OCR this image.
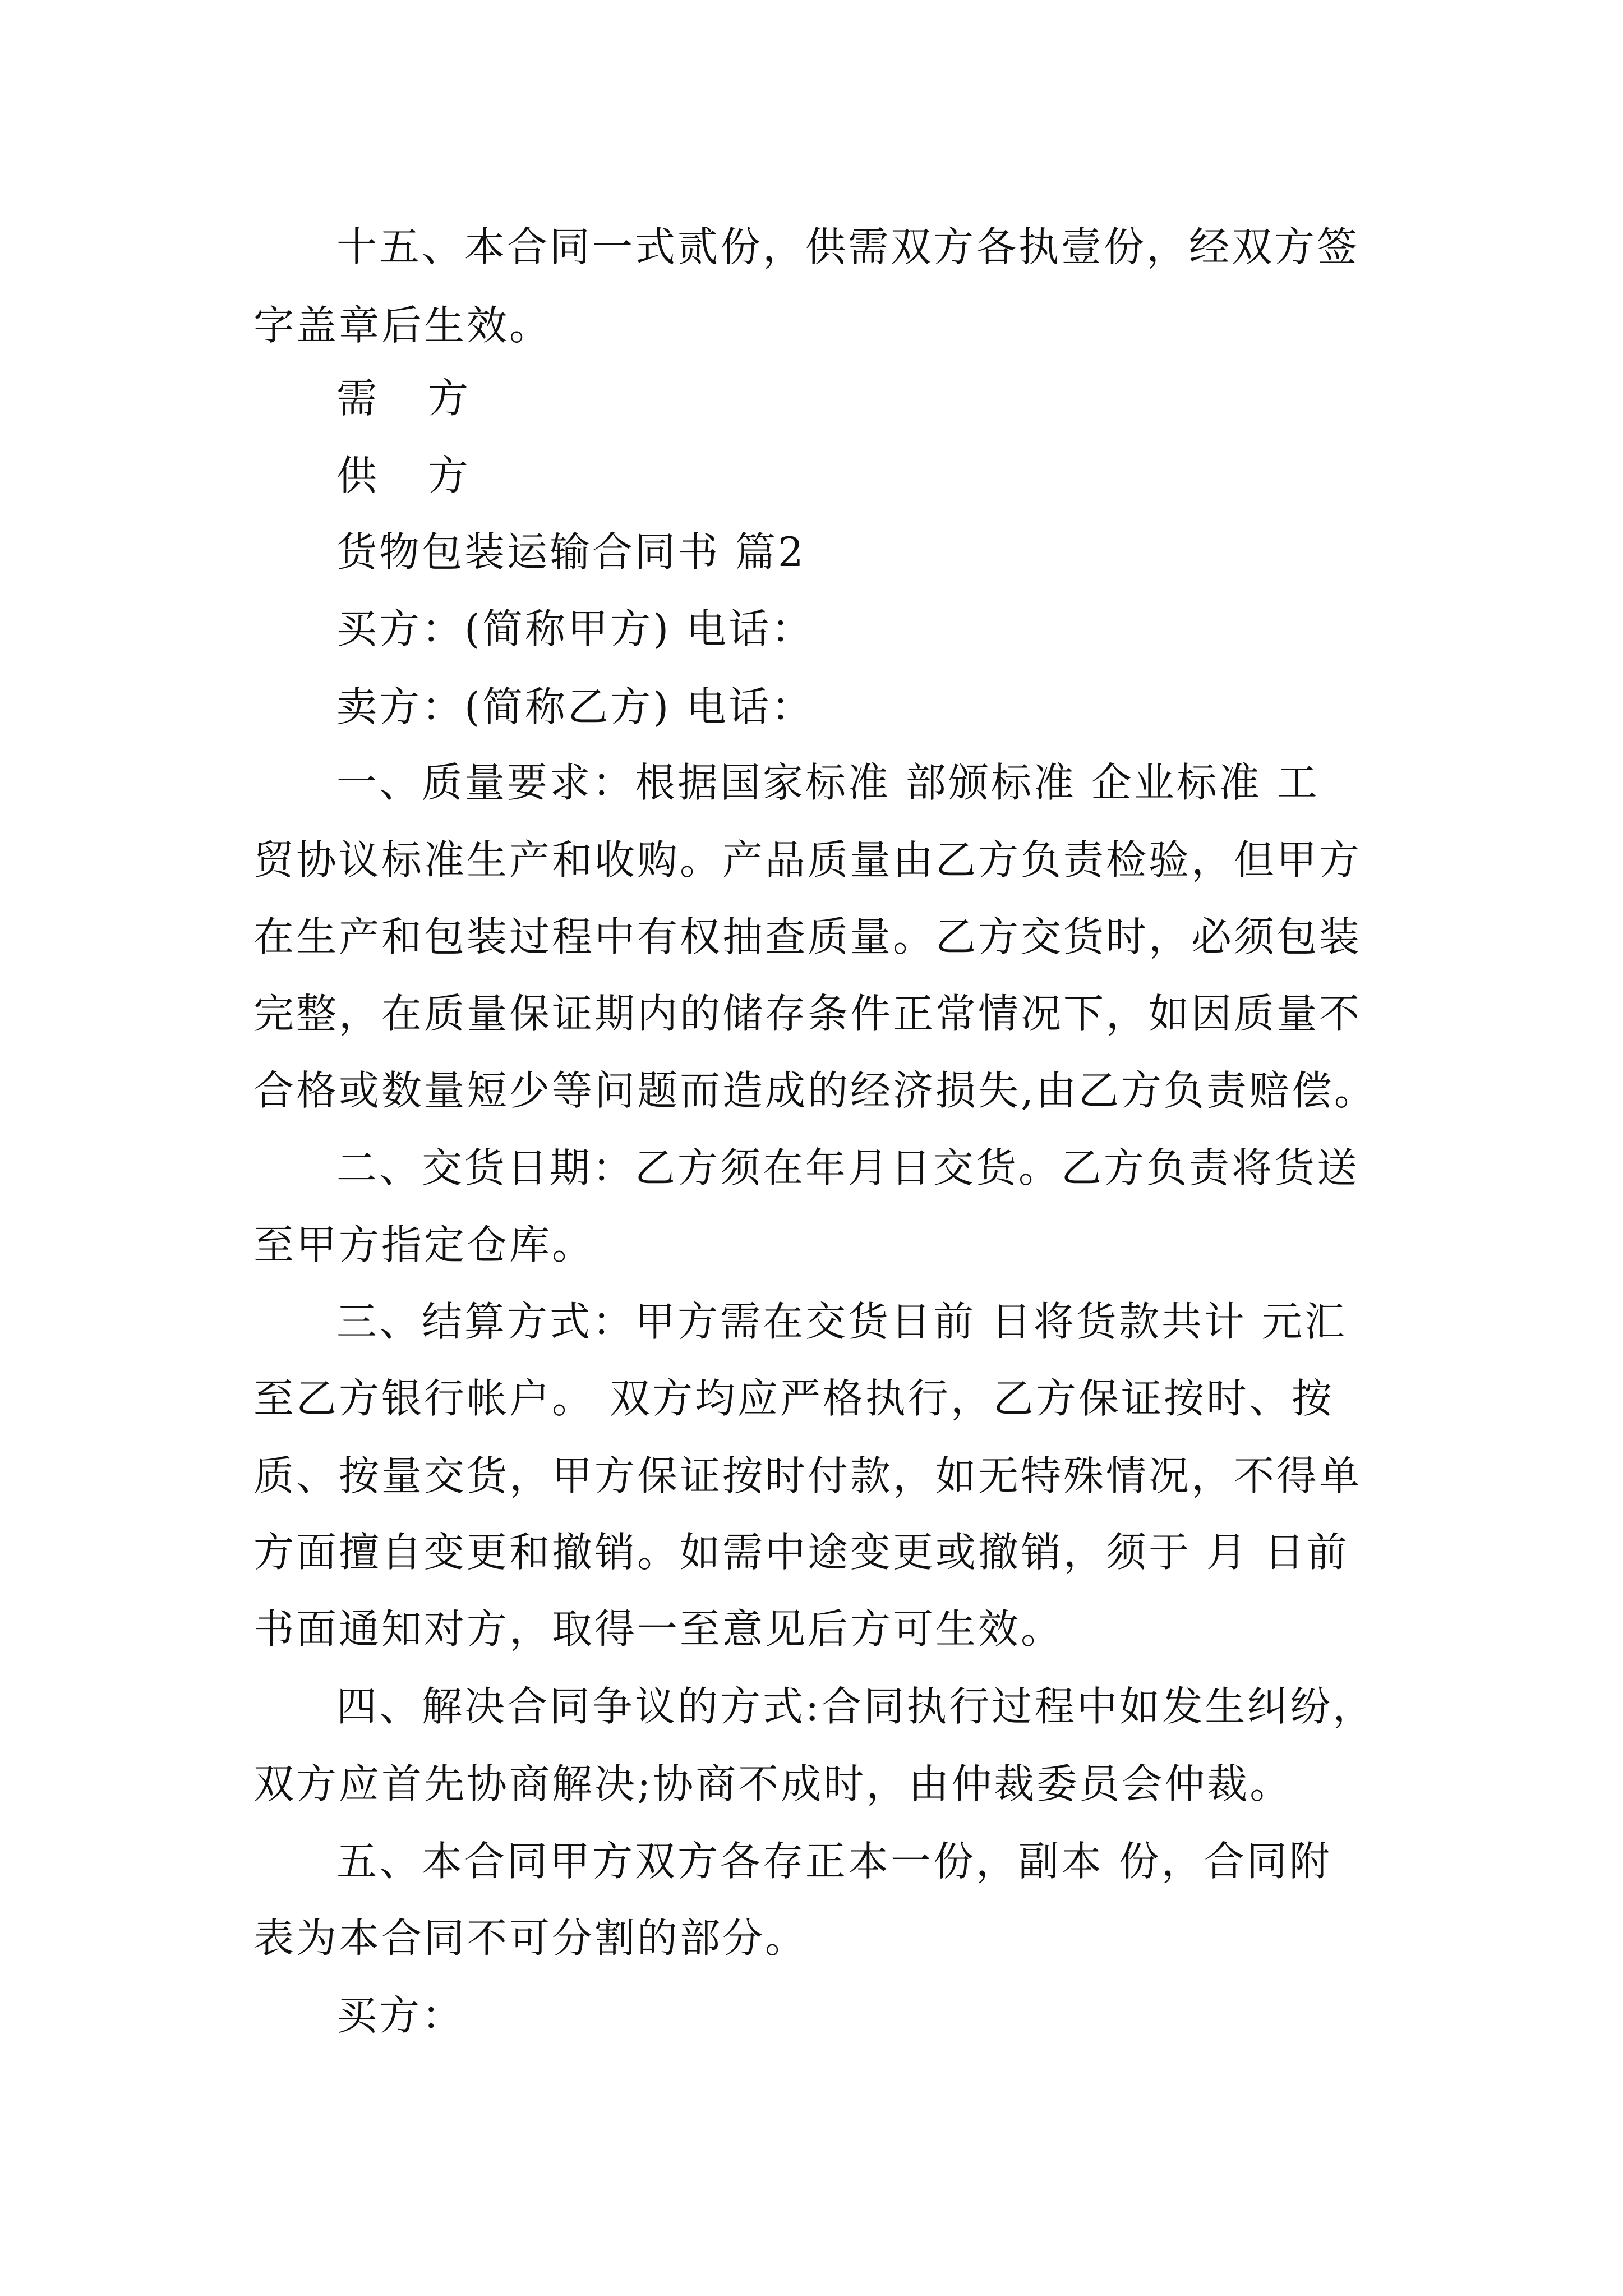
十五、本合同一式贰份，供需双方各执壹份，经双方签
字盖章后生效。
需 方
供 方
货物包装运输合同书 篇2
买方：(简称甲方) 电话：
卖方：(简称乙方) 电话：
一、质量要求：根据国家标准 部颁标准 企业标准 工
贸协议标准生产和收购。产品质量由乙方负责检验，但甲方
在生产和包装过程中有权抽查质量。乙方交货时，必须包装
完整，在质量保证期内的储存条件正常情况下，如因质量不
合格或数量短少等问题而造成的经济损失,由乙方负责赔偿。
二、交货日期：乙方须在年月日交货。乙方负责将货送
至甲方指定仓库。
三、结算方式：甲方需在交货日前 日将货款共计 元汇
至乙方银行帐户。 双方均应严格执行，乙方保证按时、按
质、按量交货，甲方保证按时付款，如无特殊情况，不得单
方面擅自变更和撤销。如需中途变更或撤销，须于 月 日前
书面通知对方，取得一至意见后方可生效。
四、解决合同争议的方式:合同执行过程中如发生纠纷，
双方应首先协商解决;协商不成时，由仲裁委员会仲裁。
五、本合同甲方双方各存正本一份，副本 份，合同附
表为本合同不可分割的部分。
买方：
